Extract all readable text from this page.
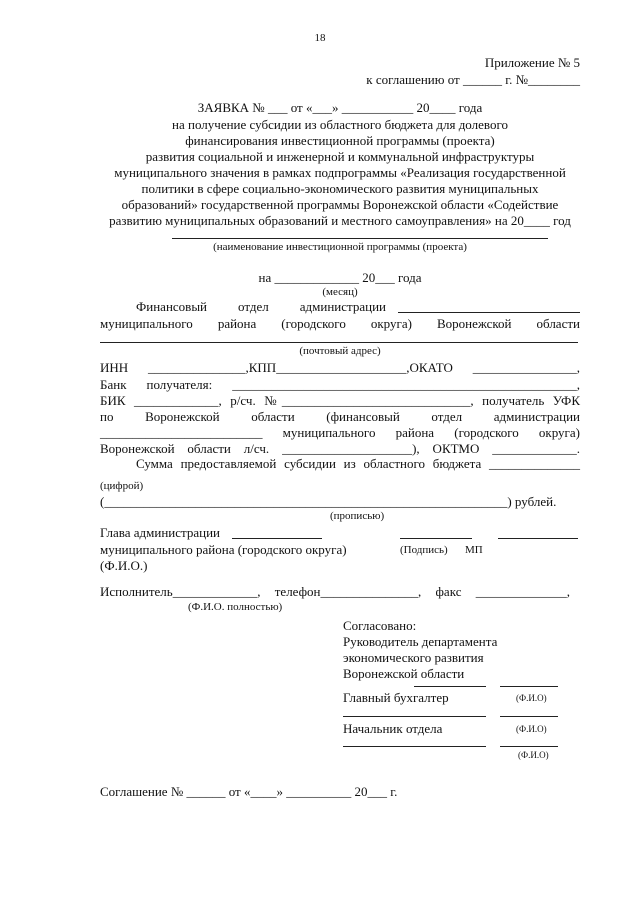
18
Приложение № 5
к соглашению от ______ г. №________
ЗАЯВКА № ___ от «___» ___________ 20____ года
на получение субсидии из областного бюджета для долевого
финансирования инвестиционной программы (проекта)
развития социальной и инженерной и коммунальной инфраструктуры
муниципального значения в рамках подпрограммы «Реализация государственной
политики в сфере социально-экономического развития муниципальных
образований» государственной программы Воронежской области «Содействие
развитию муниципальных образований и местного самоуправления» на 20____ год
(наименование инвестиционной программы (проекта)
на _____________ 20___ года
(месяц)
Финансовый отдел администрации
муниципального района (городского округа) Воронежской области
(почтовый адрес)
ИНН _______________,КПП____________________,ОКАТО ________________,
Банк получателя: _____________________________________________________,
БИК _____________, р/сч. №_____________________________, получатель УФК
по Воронежской области (финансовый отдел администрации
_________________________ муниципального района (городского округа)
Воронежской области л/сч. ____________________), ОКТМО _____________.
Сумма предоставляемой субсидии из областного бюджета ______________
(цифрой)
(______________________________________________________________) рублей.
(прописью)
Глава администрации
муниципального района (городского округа)	(Подпись) МП
(Ф.И.О.)
Исполнитель_____________, телефон_______________, факс ______________,
(Ф.И.О. полностью)
Согласовано:
Руководитель департамента
экономического развития
Воронежской области
Главный бухгалтер	(Ф.И.О)
Начальник отдела	(Ф.И.О)
(Ф.И.О)
Соглашение № ______ от «____» __________ 20___ г.
